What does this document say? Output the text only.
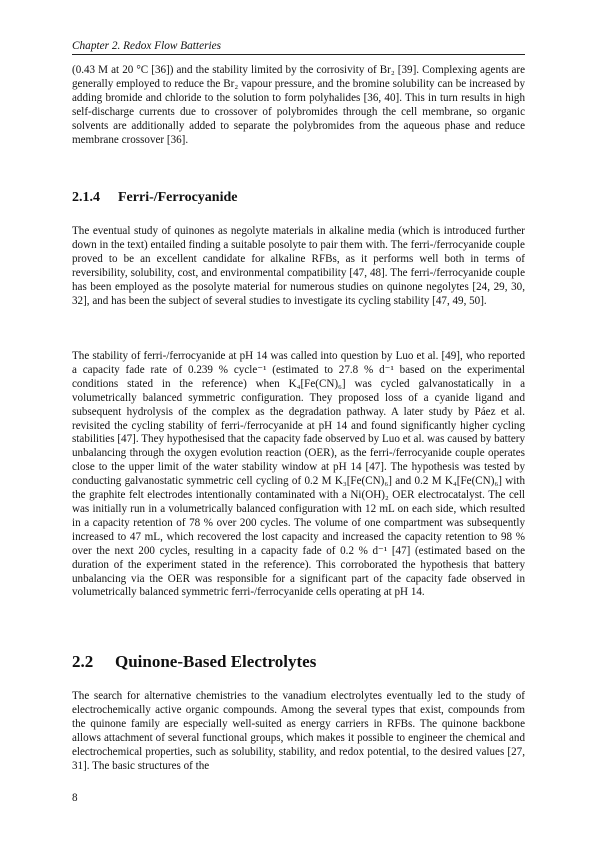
Chapter 2. Redox Flow Batteries

(0.43 M at 20 °C [36]) and the stability limited by the corrosivity of Br₂ [39]. Complexing agents are generally employed to reduce the Br₂ vapour pressure, and the bromine solubility can be increased by adding bromide and chloride to the solution to form polyhalides [36, 40]. This in turn results in high self-discharge currents due to crossover of polybromides through the cell membrane, so organic solvents are additionally added to separate the polybromides from the aqueous phase and reduce membrane crossover [36].

2.1.4 Ferri-/Ferrocyanide

The eventual study of quinones as negolyte materials in alkaline media (which is introduced further down in the text) entailed finding a suitable posolyte to pair them with. The ferri-/ferrocyanide couple proved to be an excellent candidate for alkaline RFBs, as it performs well both in terms of reversibility, solubility, cost, and environmental compatibility [47, 48]. The ferri-/ferrocyanide couple has been employed as the posolyte material for numerous studies on quinone negolytes [24, 29, 30, 32], and has been the subject of several studies to investigate its cycling stability [47, 49, 50].

The stability of ferri-/ferrocyanide at pH 14 was called into question by Luo et al. [49], who reported a capacity fade rate of 0.239 % cycle⁻¹ (estimated to 27.8 % d⁻¹ based on the experimental conditions stated in the reference) when K₄[Fe(CN)₆] was cycled galvanostatically in a volumetrically balanced symmetric configuration. They proposed loss of a cyanide ligand and subsequent hydrolysis of the complex as the degradation pathway. A later study by Páez et al. revisited the cycling stability of ferri-/ferrocyanide at pH 14 and found significantly higher cycling stabilities [47]. They hypothesised that the capacity fade observed by Luo et al. was caused by battery unbalancing through the oxygen evolution reaction (OER), as the ferri-/ferrocyanide couple operates close to the upper limit of the water stability window at pH 14 [47]. The hypothesis was tested by conducting galvanostatic symmetric cell cycling of 0.2 M K₃[Fe(CN)₆] and 0.2 M K₄[Fe(CN)₆] with the graphite felt electrodes intentionally contaminated with a Ni(OH)₂ OER electrocatalyst. The cell was initially run in a volumetrically balanced configuration with 12 mL on each side, which resulted in a capacity retention of 78 % over 200 cycles. The volume of one compartment was subsequently increased to 47 mL, which recovered the lost capacity and increased the capacity retention to 98 % over the next 200 cycles, resulting in a capacity fade of 0.2 % d⁻¹ [47] (estimated based on the duration of the experiment stated in the reference). This corroborated the hypothesis that battery unbalancing via the OER was responsible for a significant part of the capacity fade observed in volumetrically balanced symmetric ferri-/ferrocyanide cells operating at pH 14.

2.2 Quinone-Based Electrolytes

The search for alternative chemistries to the vanadium electrolytes eventually led to the study of electrochemically active organic compounds. Among the several types that exist, compounds from the quinone family are especially well-suited as energy carriers in RFBs. The quinone backbone allows attachment of several functional groups, which makes it possible to engineer the chemical and electrochemical properties, such as solubility, stability, and redox potential, to the desired values [27, 31]. The basic structures of the

8
